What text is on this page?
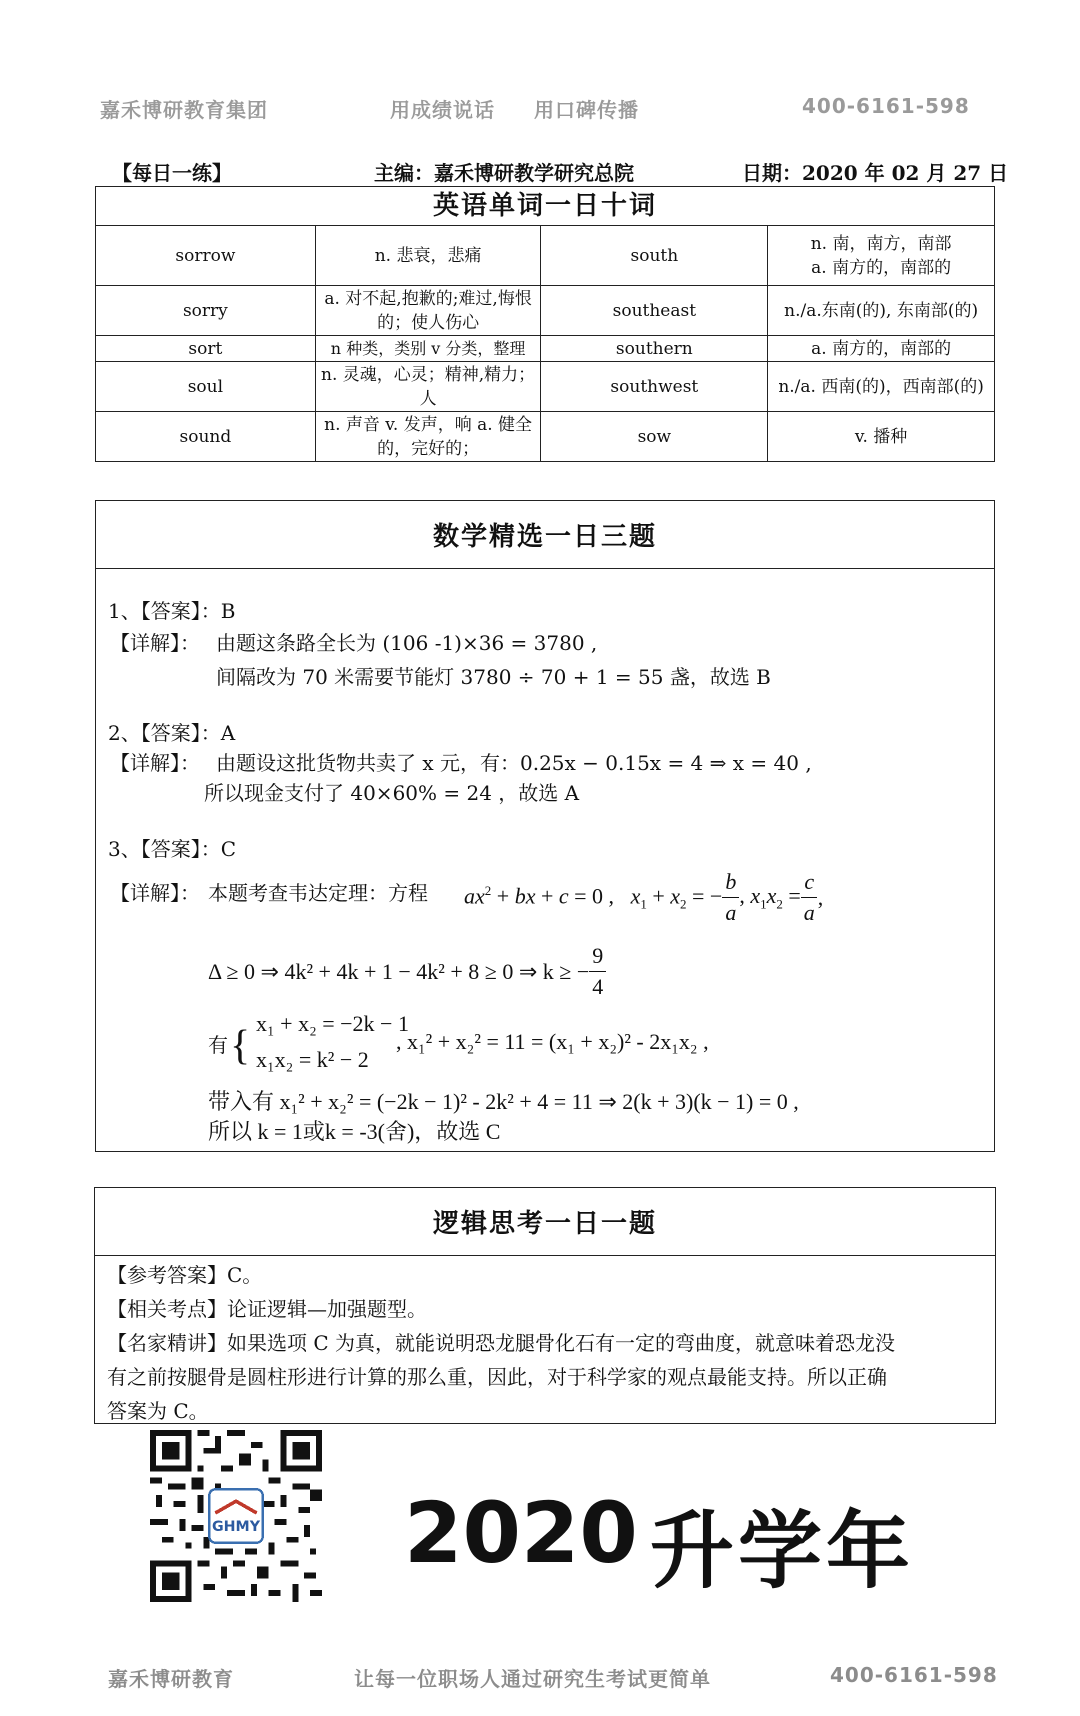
嘉禾博研教育集团	用成绩说话 用口碑传播	400-6161-598
【每日一练】	主编：嘉禾博研教学研究总院	日期：2020 年 02 月 27 日
英语单词一日十词			
sorrow	n. 悲衰，悲痛	south	n. 南，南方，南部
a. 南方的，南部的

sorry	a. 对不起,抱歉的;难过,悔恨的；使人伤心	southeast	n./a.东南(的), 东南部(的)
sort	n 种类，类别 v 分类，整理	southern	a. 南方的，南部的
soul	n. 灵魂，心灵；精神,精力；人	southwest	n./a. 西南(的)，西南部(的)
sound	n. 声音 v. 发声，响 a. 健全的，完好的；	sow	v. 播种
数学精选一日三题
1、【答案】：B
【详解】： 由题这条路全长为 (106 -1)×36 = 3780 ,
间隔改为 70 米需要节能灯 3780 ÷ 70 + 1 = 55 盏，故选 B
2、【答案】：A
【详解】： 由题设这批货物共卖了 x 元，有：0.25x − 0.15x = 4 ⇒ x = 40 ,
所以现金支付了 40×60% = 24 ，故选 A
3、【答案】：C
【详解】： 本题考查韦达定理：方程 $ax^2$ + bx + c = 0 ,   $x_1 + x_2$ = − $\frac{b}{a}$ , $x_1x_2 = \frac{c}{a}$ ,
Δ ≥ 0 ⇒ 4k² + 4k + 1 − 4k² + 8 ≥ 0 ⇒ k ≥ − $\frac{9}{4}$
有 { x₁ + x₂ = −2k − 1
x₁x₂ = k² − 2
, x₁² + x₂² = 11 = (x₁ + x₂)² - 2x₁x₂ ,
带入有 x₁² + x₂² = (−2k − 1)² - 2k² + 4 = 11 ⇒ 2(k + 3)(k − 1) = 0 ,
所以 k = 1或k = -3(舍)，故选 C
逻辑思考一日一题

【参考答案】C。

【相关考点】论证逻辑—加强题型。

【名家精讲】如果选项 C 为真，就能说明恐龙腿骨化石有一定的弯曲度，就意味着恐龙没

有之前按腿骨是圆柱形进行计算的那么重，因此，对于科学家的观点最能支持。所以正确

答案为 C。

GHMY 2020 升学年
嘉禾博研教育	让每一位职场人通过研究生考试更简单	400-6161-598
